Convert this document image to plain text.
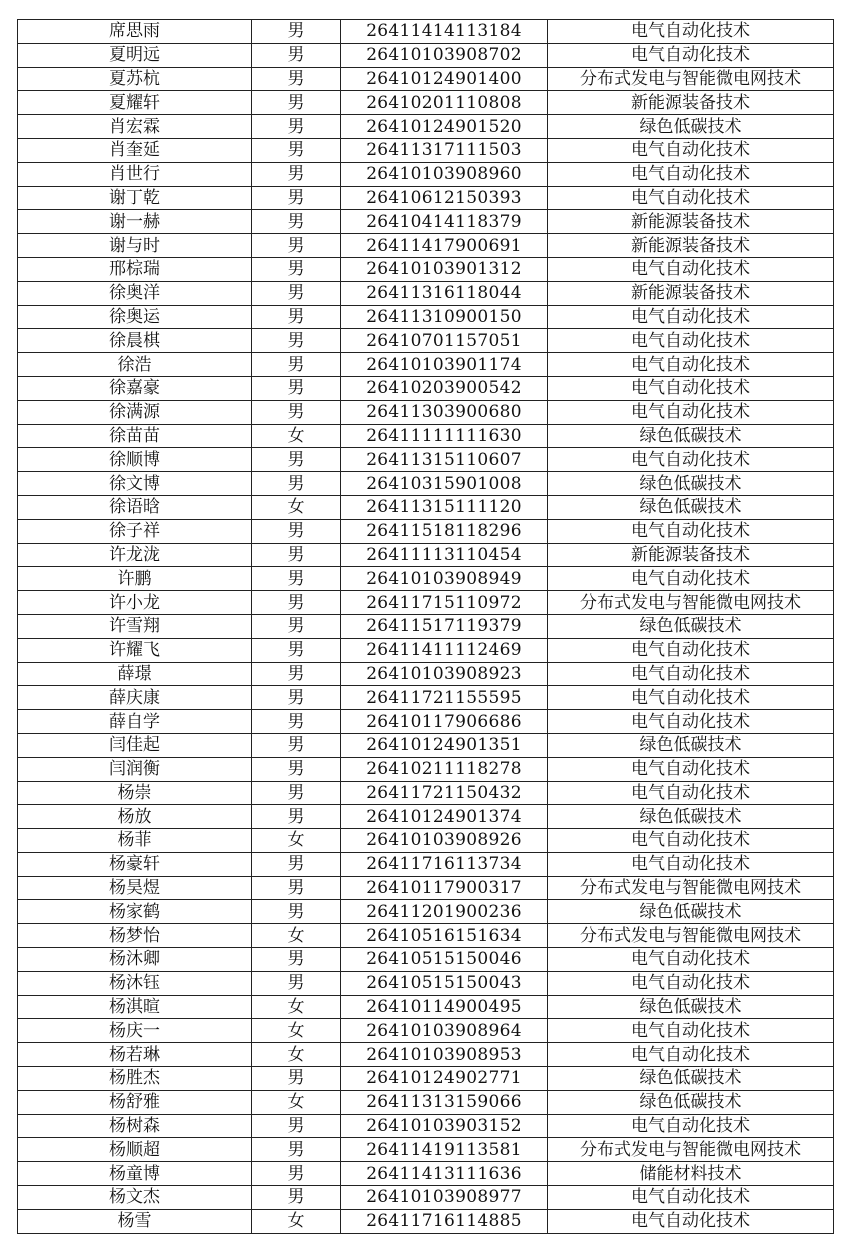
席思雨	男	26411414113184	电气自动化技术
夏明远	男	26410103908702	电气自动化技术
夏苏杭	男	26410124901400	分布式发电与智能微电网技术
夏耀轩	男	26410201110808	新能源装备技术
肖宏霖	男	26410124901520	绿色低碳技术
肖奎延	男	26411317111503	电气自动化技术
肖世行	男	26410103908960	电气自动化技术
谢丁乾	男	26410612150393	电气自动化技术
谢一赫	男	26410414118379	新能源装备技术
谢与时	男	26411417900691	新能源装备技术
邢棕瑞	男	26410103901312	电气自动化技术
徐奥洋	男	26411316118044	新能源装备技术
徐奥运	男	26411310900150	电气自动化技术
徐晨棋	男	26410701157051	电气自动化技术
徐浩	男	26410103901174	电气自动化技术
徐嘉豪	男	26410203900542	电气自动化技术
徐满源	男	26411303900680	电气自动化技术
徐苗苗	女	26411111111630	绿色低碳技术
徐顺博	男	26411315110607	电气自动化技术
徐文博	男	26410315901008	绿色低碳技术
徐语晗	女	26411315111120	绿色低碳技术
徐子祥	男	26411518118296	电气自动化技术
许龙泷	男	26411113110454	新能源装备技术
许鹏	男	26410103908949	电气自动化技术
许小龙	男	26411715110972	分布式发电与智能微电网技术
许雪翔	男	26411517119379	绿色低碳技术
许耀飞	男	26411411112469	电气自动化技术
薛璟	男	26410103908923	电气自动化技术
薛庆康	男	26411721155595	电气自动化技术
薛自学	男	26410117906686	电气自动化技术
闫佳起	男	26410124901351	绿色低碳技术
闫润衡	男	26410211118278	电气自动化技术
杨崇	男	26411721150432	电气自动化技术
杨放	男	26410124901374	绿色低碳技术
杨菲	女	26410103908926	电气自动化技术
杨豪轩	男	26411716113734	电气自动化技术
杨昊煜	男	26410117900317	分布式发电与智能微电网技术
杨家鹤	男	26411201900236	绿色低碳技术
杨梦怡	女	26410516151634	分布式发电与智能微电网技术
杨沐卿	男	26410515150046	电气自动化技术
杨沐钰	男	26410515150043	电气自动化技术
杨淇暄	女	26410114900495	绿色低碳技术
杨庆一	女	26410103908964	电气自动化技术
杨若琳	女	26410103908953	电气自动化技术
杨胜杰	男	26410124902771	绿色低碳技术
杨舒雅	女	26411313159066	绿色低碳技术
杨树森	男	26410103903152	电气自动化技术
杨顺超	男	26411419113581	分布式发电与智能微电网技术
杨童博	男	26411413111636	储能材料技术
杨文杰	男	26410103908977	电气自动化技术
杨雪	女	26411716114885	电气自动化技术
